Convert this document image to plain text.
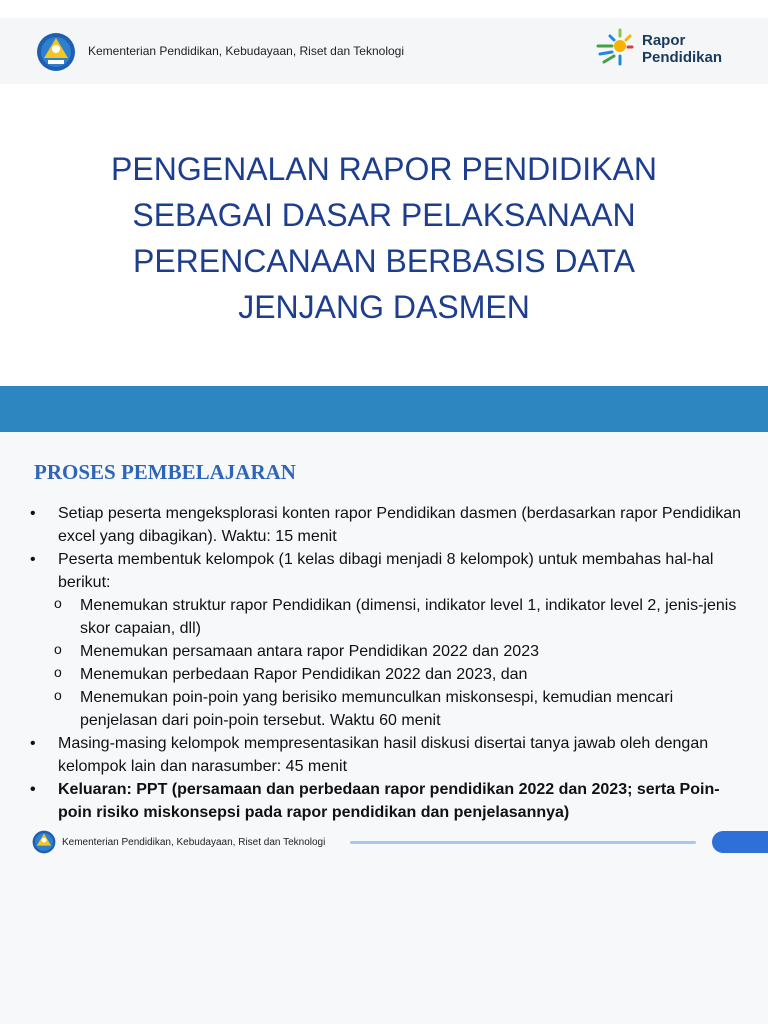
Kementerian Pendidikan, Kebudayaan, Riset dan Teknologi
Rapor
Pendidikan
PENGENALAN RAPOR PENDIDIKAN
SEBAGAI DASAR PELAKSANAAN
PERENCANAAN BERBASIS DATA
JENJANG DASMEN
PROSES PEMBELAJARAN
• Setiap peserta mengeksplorasi konten rapor Pendidikan dasmen (berdasarkan rapor Pendidikan excel yang dibagikan). Waktu: 15 menit
• Peserta membentuk kelompok (1 kelas dibagi menjadi 8 kelompok) untuk membahas hal-hal berikut:
o Menemukan struktur rapor Pendidikan (dimensi, indikator level 1, indikator level 2, jenis-jenis skor capaian, dll)
o Menemukan persamaan antara rapor Pendidikan 2022 dan 2023
o Menemukan perbedaan Rapor Pendidikan 2022 dan 2023, dan
o Menemukan poin-poin yang berisiko memunculkan miskonsespi, kemudian mencari penjelasan dari poin-poin tersebut. Waktu 60 menit
• Masing-masing kelompok mempresentasikan hasil diskusi disertai tanya jawab oleh dengan kelompok lain dan narasumber: 45 menit
• Keluaran: PPT (persamaan dan perbedaan rapor pendidikan 2022 dan 2023; serta Poin-poin risiko miskonsepsi pada rapor pendidikan dan penjelasannya)
Kementerian Pendidikan, Kebudayaan, Riset dan Teknologi
